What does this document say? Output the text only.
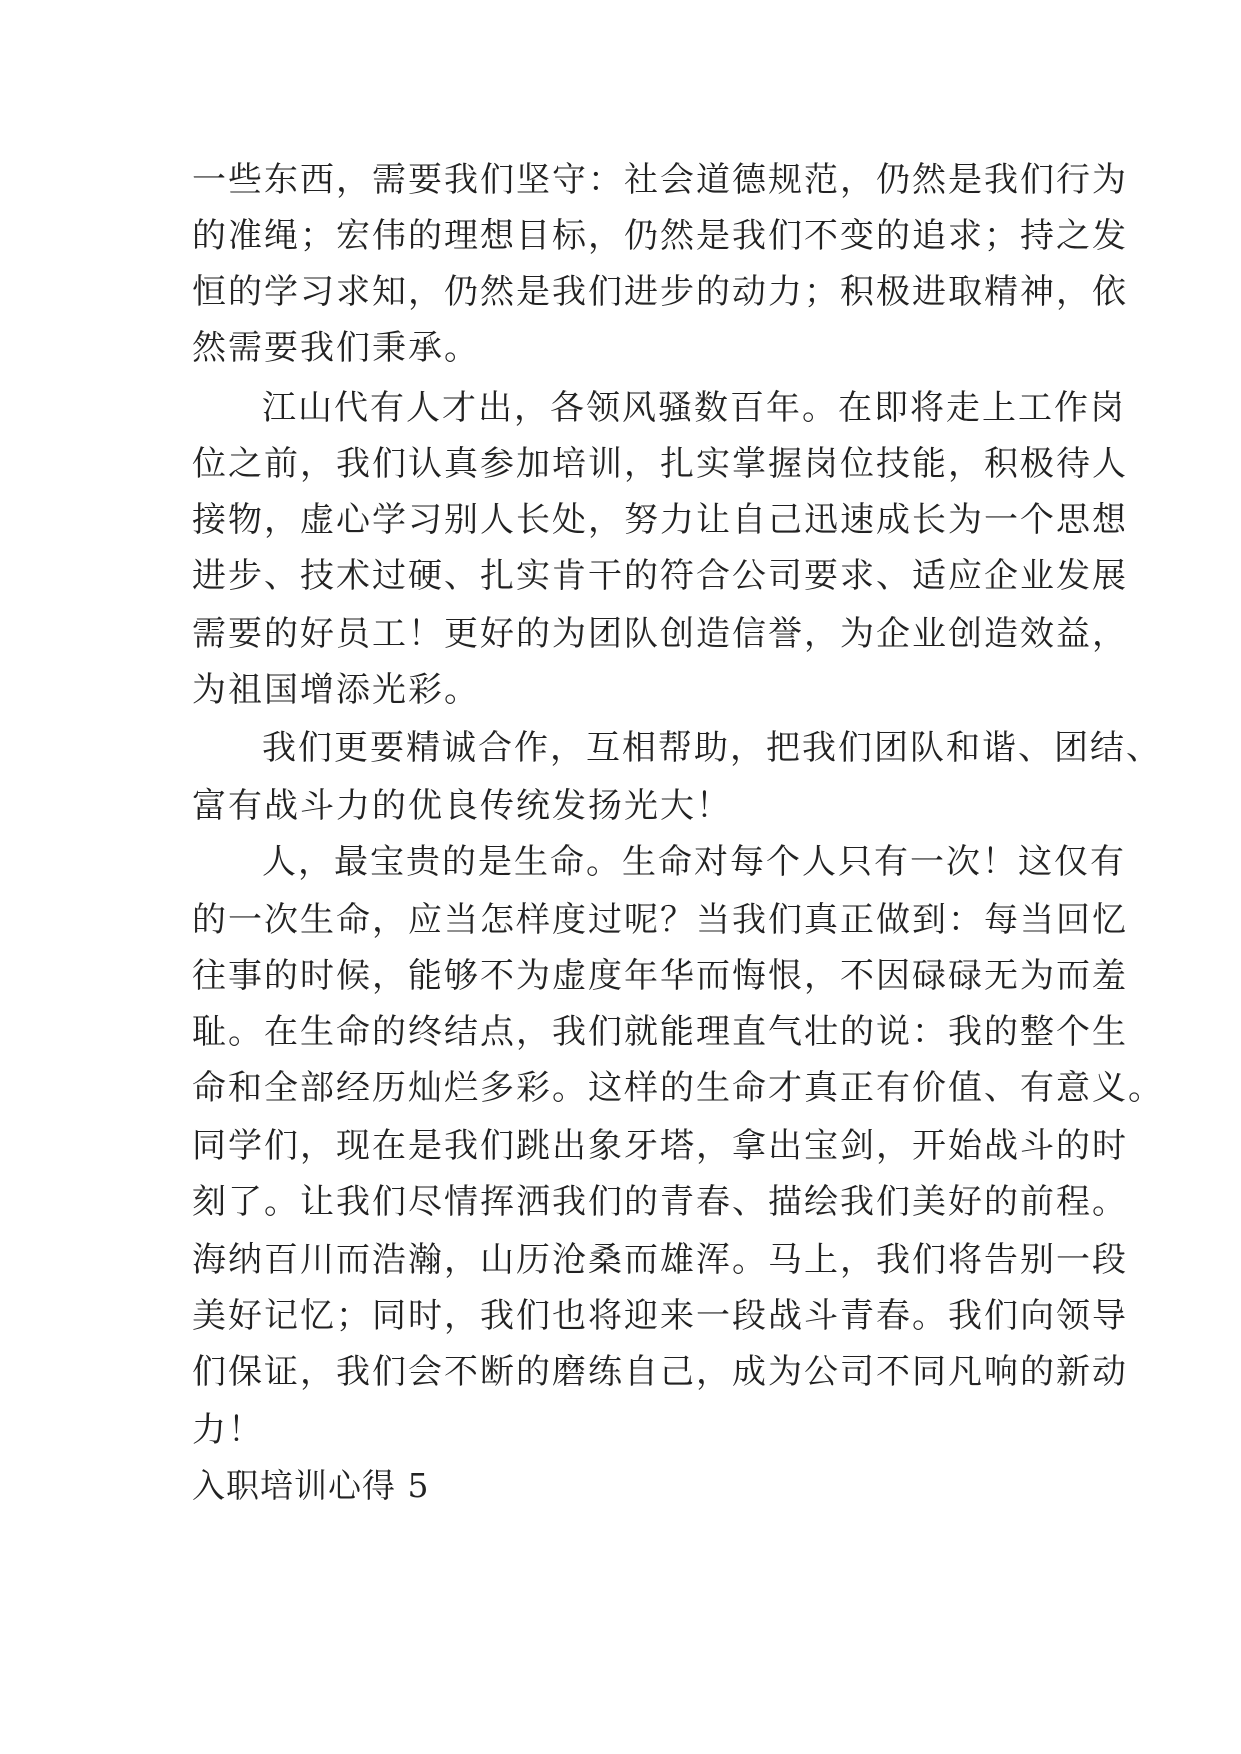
一些东西，需要我们坚守：社会道德规范，仍然是我们行为
的准绳；宏伟的理想目标，仍然是我们不变的追求；持之发
恒的学习求知，仍然是我们进步的动力；积极进取精神，依
然需要我们秉承。
江山代有人才出，各领风骚数百年。在即将走上工作岗
位之前，我们认真参加培训，扎实掌握岗位技能，积极待人
接物，虚心学习别人长处，努力让自己迅速成长为一个思想
进步、技术过硬、扎实肯干的符合公司要求、适应企业发展
需要的好员工！更好的为团队创造信誉，为企业创造效益，
为祖国增添光彩。
我们更要精诚合作，互相帮助，把我们团队和谐、团结、
富有战斗力的优良传统发扬光大！
人，最宝贵的是生命。生命对每个人只有一次！这仅有
的一次生命，应当怎样度过呢？当我们真正做到：每当回忆
往事的时候，能够不为虚度年华而悔恨，不因碌碌无为而羞
耻。在生命的终结点，我们就能理直气壮的说：我的整个生
命和全部经历灿烂多彩。这样的生命才真正有价值、有意义。
同学们，现在是我们跳出象牙塔，拿出宝剑，开始战斗的时
刻了。让我们尽情挥洒我们的青春、描绘我们美好的前程。
海纳百川而浩瀚，山历沧桑而雄浑。马上，我们将告别一段
美好记忆；同时，我们也将迎来一段战斗青春。我们向领导
们保证，我们会不断的磨练自己，成为公司不同凡响的新动
力！
入职培训心得 5
